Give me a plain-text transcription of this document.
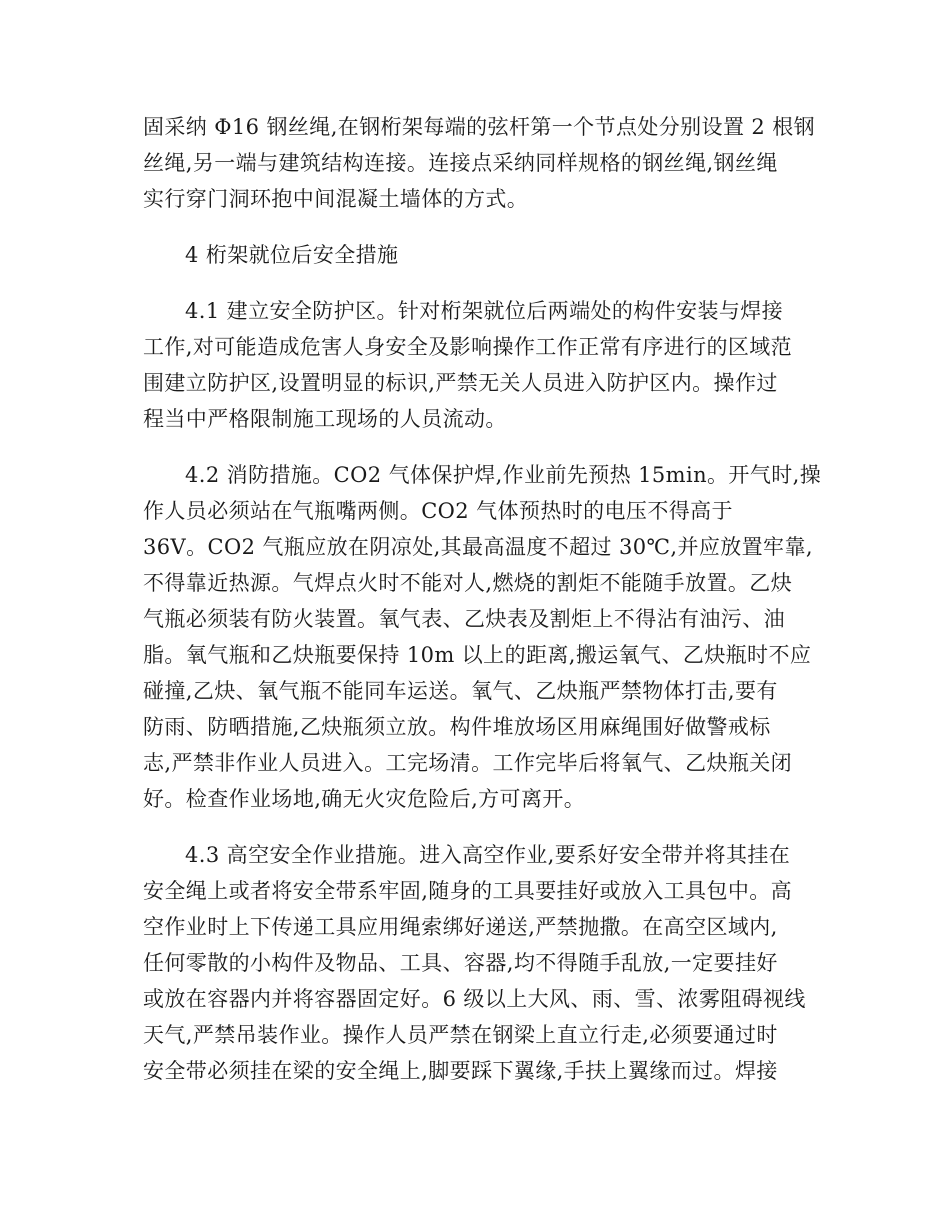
固采纳 Φ16 钢丝绳,在钢桁架每端的弦杆第一个节点处分别设置 2 根钢
丝绳,另一端与建筑结构连接。连接点采纳同样规格的钢丝绳,钢丝绳
实行穿门洞环抱中间混凝土墙体的方式。
4 桁架就位后安全措施
4.1 建立安全防护区。针对桁架就位后两端处的构件安装与焊接
工作,对可能造成危害人身安全及影响操作工作正常有序进行的区域范
围建立防护区,设置明显的标识,严禁无关人员进入防护区内。操作过
程当中严格限制施工现场的人员流动。
4.2 消防措施。CO2 气体保护焊,作业前先预热 15min。开气时,操
作人员必须站在气瓶嘴两侧。CO2 气体预热时的电压不得高于
36V。CO2 气瓶应放在阴凉处,其最高温度不超过 30℃,并应放置牢靠,
不得靠近热源。气焊点火时不能对人,燃烧的割炬不能随手放置。乙炔
气瓶必须装有防火装置。氧气表、乙炔表及割炬上不得沾有油污、油
脂。氧气瓶和乙炔瓶要保持 10m 以上的距离,搬运氧气、乙炔瓶时不应
碰撞,乙炔、氧气瓶不能同车运送。氧气、乙炔瓶严禁物体打击,要有
防雨、防晒措施,乙炔瓶须立放。构件堆放场区用麻绳围好做警戒标
志,严禁非作业人员进入。工完场清。工作完毕后将氧气、乙炔瓶关闭
好。检查作业场地,确无火灾危险后,方可离开。
4.3 高空安全作业措施。进入高空作业,要系好安全带并将其挂在
安全绳上或者将安全带系牢固,随身的工具要挂好或放入工具包中。高
空作业时上下传递工具应用绳索绑好递送,严禁抛撒。在高空区域内,
任何零散的小构件及物品、工具、容器,均不得随手乱放,一定要挂好
或放在容器内并将容器固定好。6 级以上大风、雨、雪、浓雾阻碍视线
天气,严禁吊装作业。操作人员严禁在钢梁上直立行走,必须要通过时
安全带必须挂在梁的安全绳上,脚要踩下翼缘,手扶上翼缘而过。焊接
